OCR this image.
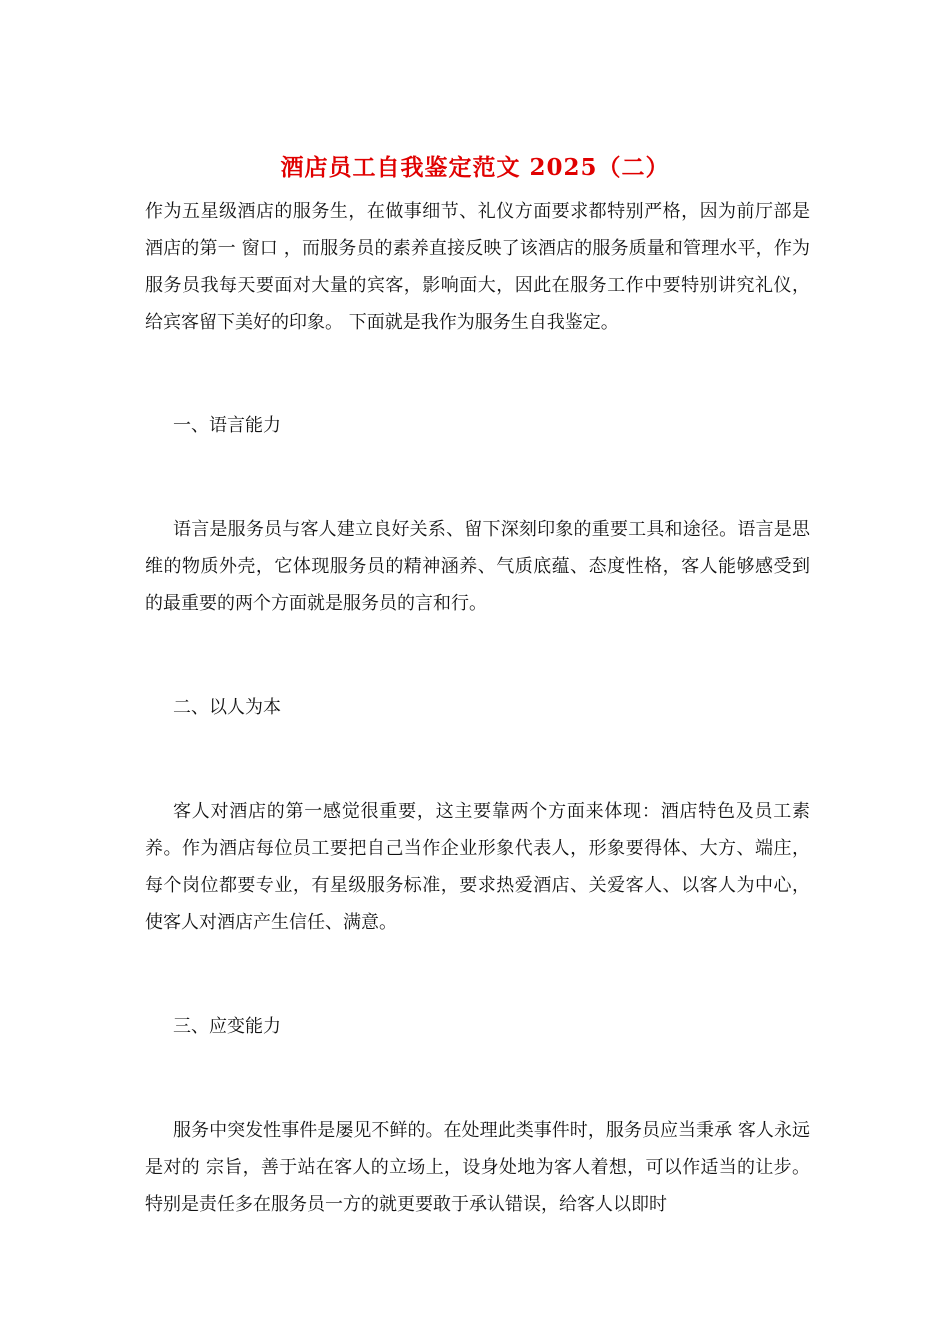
酒店员工自我鉴定范文 2025（二）

作为五星级酒店的服务生，在做事细节、礼仪方面要求都特别严格，因为前厅部是酒店的第一 窗口 ，而服务员的素养直接反映了该酒店的服务质量和管理水平，作为服务员我每天要面对大量的宾客，影响面大，因此在服务工作中要特别讲究礼仪，给宾客留下美好的印象。 下面就是我作为服务生自我鉴定。

一、语言能力

语言是服务员与客人建立良好关系、留下深刻印象的重要工具和途径。语言是思维的物质外壳，它体现服务员的精神涵养、气质底蕴、态度性格，客人能够感受到的最重要的两个方面就是服务员的言和行。

二、以人为本

客人对酒店的第一感觉很重要，这主要靠两个方面来体现：酒店特色及员工素养。作为酒店每位员工要把自己当作企业形象代表人，形象要得体、大方、端庄，每个岗位都要专业，有星级服务标准，要求热爱酒店、关爱客人、以客人为中心，使客人对酒店产生信任、满意。

三、应变能力

服务中突发性事件是屡见不鲜的。在处理此类事件时，服务员应当秉承 客人永远是对的 宗旨，善于站在客人的立场上，设身处地为客人着想，可以作适当的让步。特别是责任多在服务员一方的就更要敢于承认错误，给客人以即时
